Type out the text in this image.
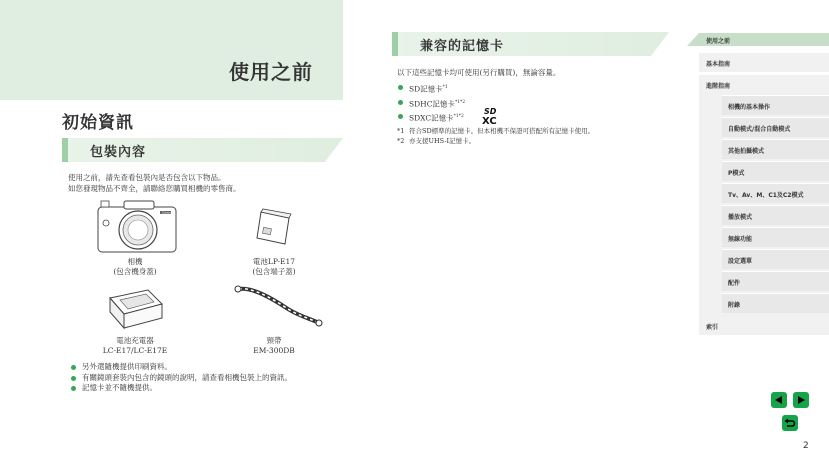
使用之前
初始資訊
包裝內容
使用之前，請先查看包裝內是否包含以下物品。
如您發現物品不齊全，請聯絡您購買相機的零售商。
Canon
相機
(包含機身蓋)
電池LP-E17
(包含端子蓋)
電池充電器
LC-E17/LC-E17E
頸帶
EM-300DB
另外還隨機提供印刷資料。
有關鏡頭套裝內包含的鏡頭的說明，請查看相機包裝上的資訊。
記憶卡並不隨機提供。
兼容的記憶卡
以下這些記憶卡均可使用(另行購買)，無論容量。
SD記憶卡$^{*1}$
SDHC記憶卡$^{*1*2}$
SDXC記憶卡$^{*1*2}$
SD
XC
*1 符合SD標準的記憶卡。但本相機不保證可搭配所有記憶卡使用。
*2 亦支援UHS-I記憶卡。
使用之前
基本指南
進階指南
相機的基本操作
自動模式/混合自動模式
其他拍攝模式
P模式
Tv、Av、M、C1及C2模式
播放模式
無線功能
設定選單
配件
附錄
索引
2
